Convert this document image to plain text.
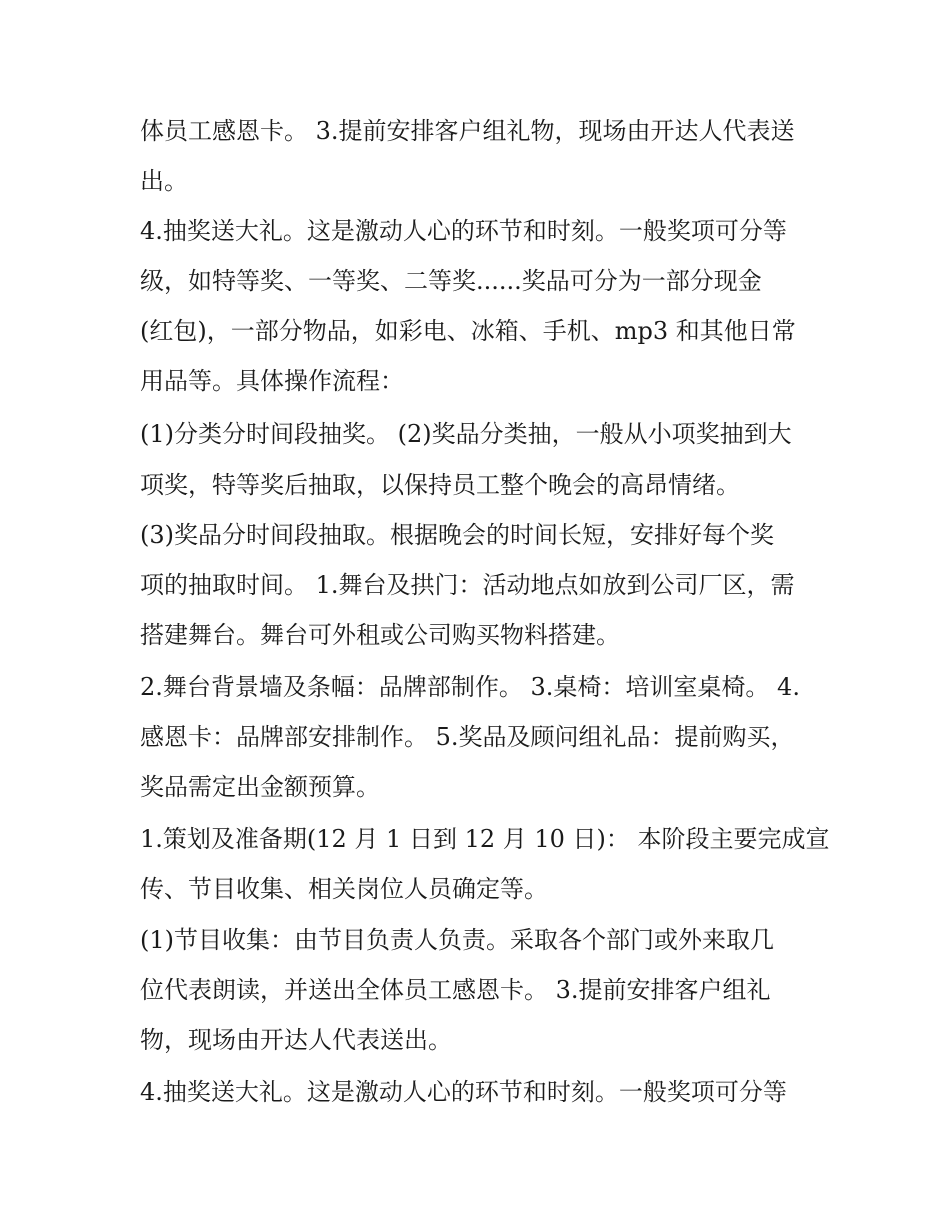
体员工感恩卡。 3.提前安排客户组礼物，现场由开达人代表送
出。
4.抽奖送大礼。这是激动人心的环节和时刻。一般奖项可分等
级，如特等奖、一等奖、二等奖......奖品可分为一部分现金
(红包)，一部分物品，如彩电、冰箱、手机、mp3 和其他日常
用品等。具体操作流程：
(1)分类分时间段抽奖。 (2)奖品分类抽，一般从小项奖抽到大
项奖，特等奖后抽取，以保持员工整个晚会的高昂情绪。
(3)奖品分时间段抽取。根据晚会的时间长短，安排好每个奖
项的抽取时间。 1.舞台及拱门：活动地点如放到公司厂区，需
搭建舞台。舞台可外租或公司购买物料搭建。
2.舞台背景墙及条幅：品牌部制作。 3.桌椅：培训室桌椅。 4.
感恩卡：品牌部安排制作。 5.奖品及顾问组礼品：提前购买，
奖品需定出金额预算。
1.策划及准备期(12 月 1 日到 12 月 10 日)： 本阶段主要完成宣
传、节目收集、相关岗位人员确定等。
(1)节目收集：由节目负责人负责。采取各个部门或外来取几
位代表朗读，并送出全体员工感恩卡。 3.提前安排客户组礼
物，现场由开达人代表送出。
4.抽奖送大礼。这是激动人心的环节和时刻。一般奖项可分等
